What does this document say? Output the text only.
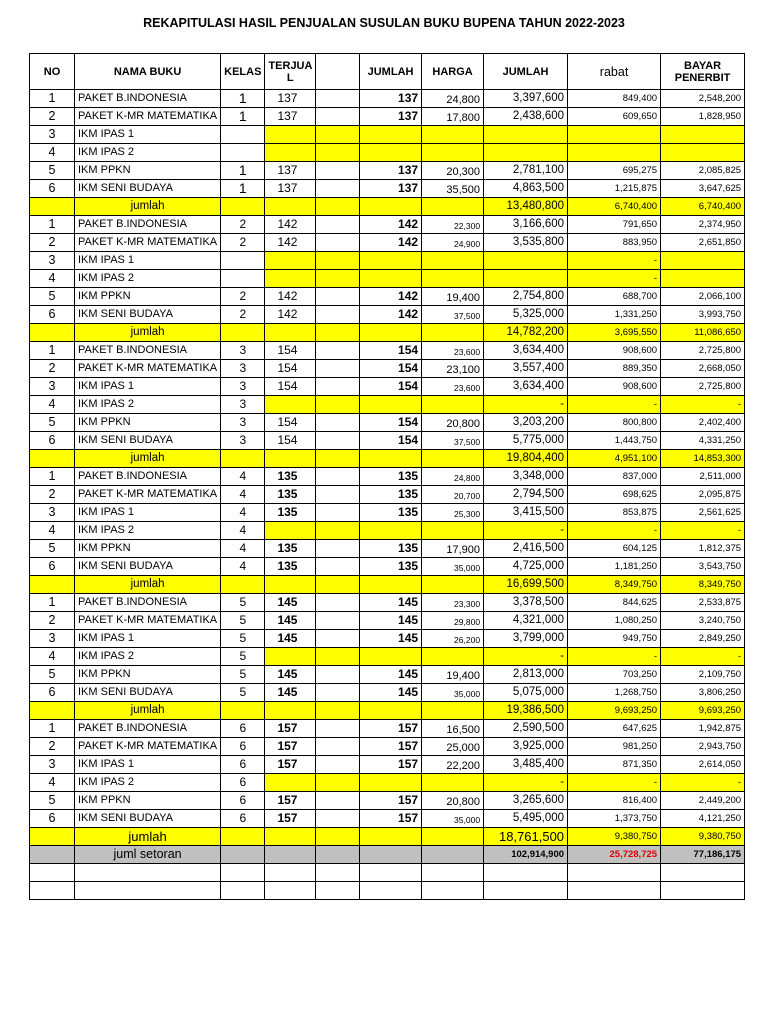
REKAPITULASI HASIL PENJUALAN SUSULAN BUKU BUPENA TAHUN 2022-2023
NO	NAMA BUKU	KELAS	TERJUA L		JUMLAH	HARGA	JUMLAH	rabat	BAYAR PENERBIT
1	PAKET B.INDONESIA	1	137		137	24,800	3,397,600	849,400	2,548,200
2	PAKET K-MR MATEMATIKA	1	137		137	17,800	2,438,600	609,650	1,828,950
3	IKM IPAS 1								
4	IKM IPAS 2								
5	IKM PPKN	1	137		137	20,300	2,781,100	695,275	2,085,825
6	IKM SENI BUDAYA	1	137		137	35,500	4,863,500	1,215,875	3,647,625
	jumlah						13,480,800	6,740,400	6,740,400
1	PAKET B.INDONESIA	2	142		142	22,300	3,166,600	791,650	2,374,950
2	PAKET K-MR MATEMATIKA	2	142		142	24,900	3,535,800	883,950	2,651,850
3	IKM IPAS 1							-	
4	IKM IPAS 2							-	
5	IKM PPKN	2	142		142	19,400	2,754,800	688,700	2,066,100
6	IKM SENI BUDAYA	2	142		142	37,500	5,325,000	1,331,250	3,993,750
	jumlah						14,782,200	3,695,550	11,086,650
1	PAKET B.INDONESIA	3	154		154	23,600	3,634,400	908,600	2,725,800
2	PAKET K-MR MATEMATIKA	3	154		154	23,100	3,557,400	889,350	2,668,050
3	IKM IPAS 1	3	154		154	23,600	3,634,400	908,600	2,725,800
4	IKM IPAS 2	3					-	-	-
5	IKM PPKN	3	154		154	20,800	3,203,200	800,800	2,402,400
6	IKM SENI BUDAYA	3	154		154	37,500	5,775,000	1,443,750	4,331,250
	jumlah						19,804,400	4,951,100	14,853,300
1	PAKET B.INDONESIA	4	135		135	24,800	3,348,000	837,000	2,511,000
2	PAKET K-MR MATEMATIKA	4	135		135	20,700	2,794,500	698,625	2,095,875
3	IKM IPAS 1	4	135		135	25,300	3,415,500	853,875	2,561,625
4	IKM IPAS 2	4					-	-	-
5	IKM PPKN	4	135		135	17,900	2,416,500	604,125	1,812,375
6	IKM SENI BUDAYA	4	135		135	35,000	4,725,000	1,181,250	3,543,750
	jumlah						16,699,500	8,349,750	8,349,750
1	PAKET B.INDONESIA	5	145		145	23,300	3,378,500	844,625	2,533,875
2	PAKET K-MR MATEMATIKA	5	145		145	29,800	4,321,000	1,080,250	3,240,750
3	IKM IPAS 1	5	145		145	26,200	3,799,000	949,750	2,849,250
4	IKM IPAS 2	5					-	-	-
5	IKM PPKN	5	145		145	19,400	2,813,000	703,250	2,109,750
6	IKM SENI BUDAYA	5	145		145	35,000	5,075,000	1,268,750	3,806,250
	jumlah						19,386,500	9,693,250	9,693,250
1	PAKET B.INDONESIA	6	157		157	16,500	2,590,500	647,625	1,942,875
2	PAKET K-MR MATEMATIKA	6	157		157	25,000	3,925,000	981,250	2,943,750
3	IKM IPAS 1	6	157		157	22,200	3,485,400	871,350	2,614,050
4	IKM IPAS 2	6					-	-	-
5	IKM PPKN	6	157		157	20,800	3,265,600	816,400	2,449,200
6	IKM SENI BUDAYA	6	157		157	35,000	5,495,000	1,373,750	4,121,250
	jumlah						18,761,500	9,380,750	9,380,750
	juml setoran						102,914,900	25,728,725	77,186,175
